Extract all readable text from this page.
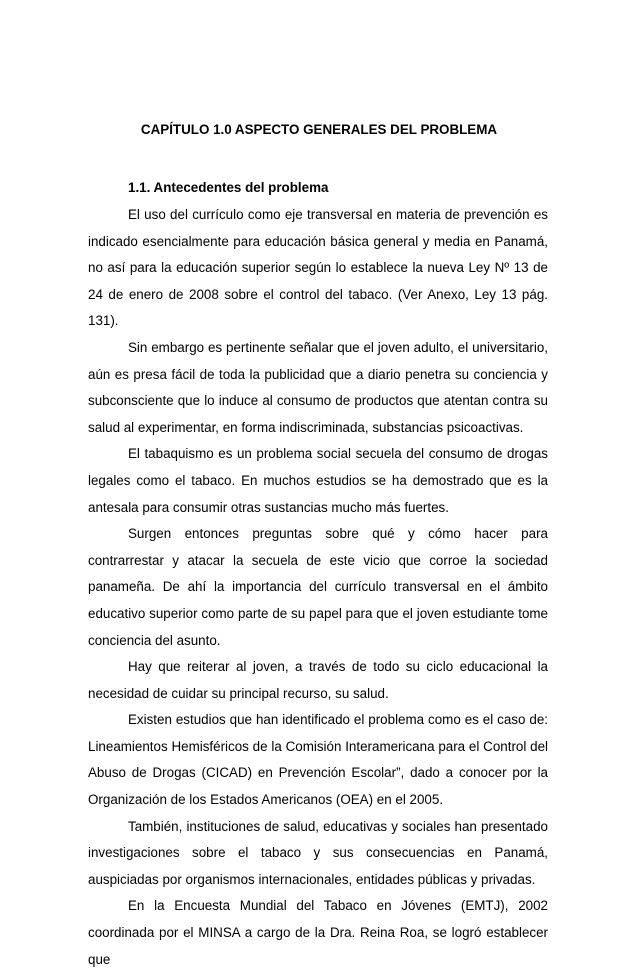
CAPÍTULO 1.0 ASPECTO GENERALES DEL PROBLEMA
1.1. Antecedentes del problema

El uso del currículo como eje transversal en materia de prevención es indicado esencialmente para educación básica general y media en Panamá, no así para la educación superior según lo establece la nueva Ley Nº 13 de 24 de enero de 2008 sobre el control del tabaco. (Ver Anexo, Ley 13 pág. 131).

Sin embargo es pertinente señalar que el joven adulto, el universitario, aún es presa fácil de toda la publicidad que a diario penetra su conciencia y subconsciente que lo induce al consumo de productos que atentan contra su salud al experimentar, en forma indiscriminada, substancias psicoactivas.

El tabaquismo es un problema social secuela del consumo de drogas legales como el tabaco. En muchos estudios se ha demostrado que es la antesala para consumir otras sustancias mucho más fuertes.

Surgen entonces preguntas sobre qué y cómo hacer para contrarrestar y atacar la secuela de este vicio que corroe la sociedad panameña. De ahí la importancia del currículo transversal en el ámbito educativo superior como parte de su papel para que el joven estudiante tome conciencia del asunto.

Hay que reiterar al joven, a través de todo su ciclo educacional la necesidad de cuidar su principal recurso, su salud.

Existen estudios que han identificado el problema como es el caso de: Lineamientos Hemisféricos de la Comisión Interamericana para el Control del Abuso de Drogas (CICAD) en Prevención Escolar”, dado a conocer por la Organización de los Estados Americanos (OEA) en el 2005.

También, instituciones de salud, educativas y sociales han presentado investigaciones sobre el tabaco y sus consecuencias en Panamá, auspiciadas por organismos internacionales, entidades públicas y privadas.

En la Encuesta Mundial del Tabaco en Jóvenes (EMTJ), 2002 coordinada por el MINSA a cargo de la Dra. Reina Roa, se logró establecer que
